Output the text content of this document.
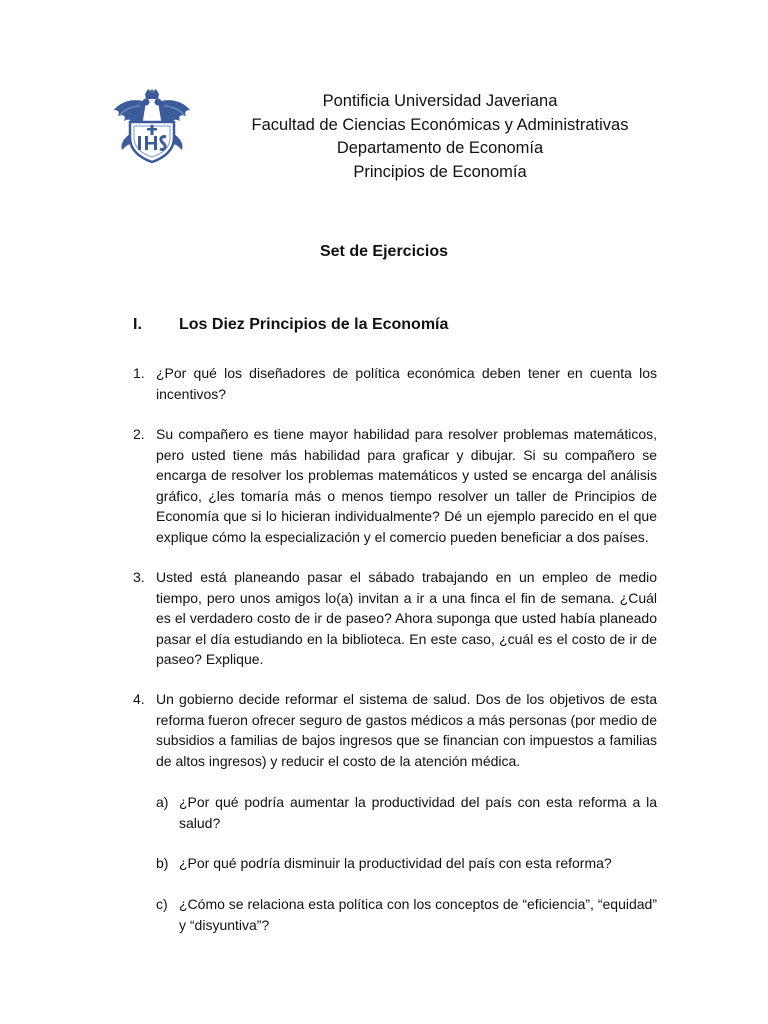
Pontificia Universidad Javeriana
Facultad de Ciencias Económicas y Administrativas
Departamento de Economía
Principios de Economía
Set de Ejercicios
I. Los Diez Principios de la Economía
1. ¿Por qué los diseñadores de política económica deben tener en cuenta los incentivos?
2. Su compañero es tiene mayor habilidad para resolver problemas matemáticos, pero usted tiene más habilidad para graficar y dibujar. Si su compañero se encarga de resolver los problemas matemáticos y usted se encarga del análisis gráfico, ¿les tomaría más o menos tiempo resolver un taller de Principios de Economía que si lo hicieran individualmente? Dé un ejemplo parecido en el que explique cómo la especialización y el comercio pueden beneficiar a dos países.
3. Usted está planeando pasar el sábado trabajando en un empleo de medio tiempo, pero unos amigos lo(a) invitan a ir a una finca el fin de semana. ¿Cuál es el verdadero costo de ir de paseo? Ahora suponga que usted había planeado pasar el día estudiando en la biblioteca. En este caso, ¿cuál es el costo de ir de paseo? Explique.
4. Un gobierno decide reformar el sistema de salud. Dos de los objetivos de esta reforma fueron ofrecer seguro de gastos médicos a más personas (por medio de subsidios a familias de bajos ingresos que se financian con impuestos a familias de altos ingresos) y reducir el costo de la atención médica.
a) ¿Por qué podría aumentar la productividad del país con esta reforma a la salud?
b) ¿Por qué podría disminuir la productividad del país con esta reforma?
c) ¿Cómo se relaciona esta política con los conceptos de “eficiencia”, “equidad” y “disyuntiva”?
